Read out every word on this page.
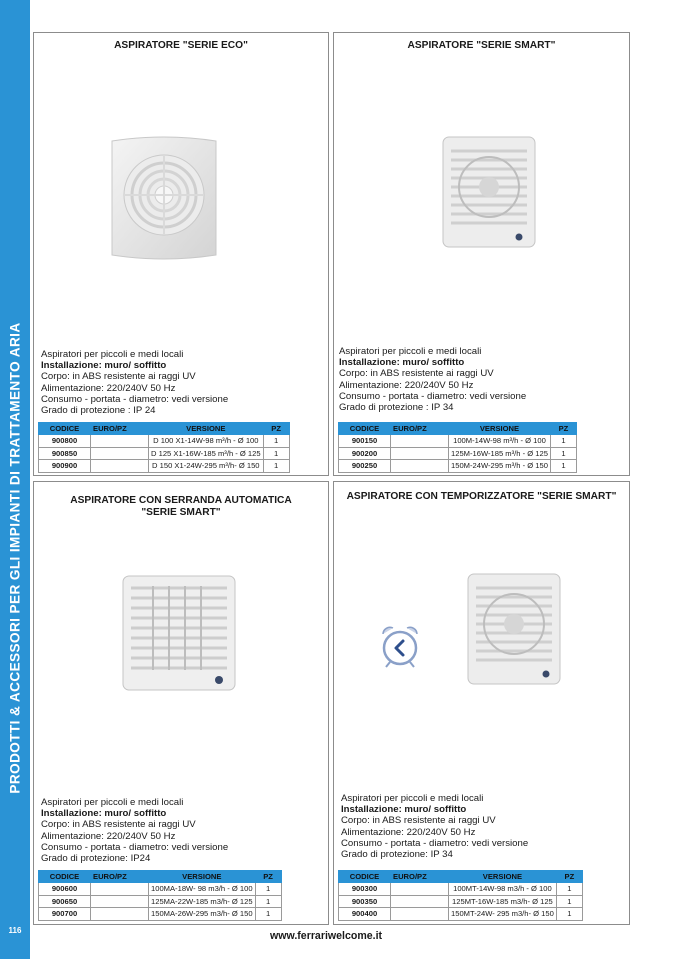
PRODOTTI & ACCESSORI PER GLI IMPIANTI DI TRATTAMENTO ARIA
116
ASPIRATORE "SERIE ECO"
Aspiratori per piccoli e medi locali
Installazione: muro/ soffitto
Corpo: in ABS resistente ai raggi UV
Alimentazione: 220/240V 50 Hz
Consumo - portata - diametro: vedi versione
Grado di protezione : IP 24
CODICE	EURO/PZ	VERSIONE	PZ
900800		D 100 X1-14W-98 m³/h - Ø 100	1
900850		D 125 X1-16W-185 m³/h - Ø 125	1
900900		D 150 X1-24W-295 m³/h- Ø 150	1
ASPIRATORE "SERIE SMART"
Aspiratori per piccoli e medi locali
Installazione: muro/ soffitto
Corpo: in ABS resistente ai raggi UV
Alimentazione: 220/240V 50 Hz
Consumo - portata - diametro: vedi versione
Grado di protezione : IP 34
CODICE	EURO/PZ	VERSIONE	PZ
900150		100M-14W-98 m³/h - Ø 100	1
900200		125M-16W-185 m³/h - Ø 125	1
900250		150M-24W-295 m³/h - Ø 150	1
ASPIRATORE CON SERRANDA AUTOMATICA
"SERIE SMART"
Aspiratori per piccoli e medi locali
Installazione: muro/ soffitto
Corpo: in ABS resistente ai raggi UV
Alimentazione: 220/240V 50 Hz
Consumo - portata - diametro: vedi versione
Grado di protezione: IP24
CODICE	EURO/PZ	VERSIONE	PZ
900600		100MA-18W- 98 m3/h - Ø 100	1
900650		125MA-22W-185 m3/h- Ø 125	1
900700		150MA-26W-295 m3/h- Ø 150	1
ASPIRATORE CON TEMPORIZZATORE "SERIE SMART"
Aspiratori per piccoli e medi locali
Installazione: muro/ soffitto
Corpo: in ABS resistente ai raggi UV
Alimentazione: 220/240V 50 Hz
Consumo - portata - diametro: vedi versione
Grado di protezione: IP 34
CODICE	EURO/PZ	VERSIONE	PZ
900300		100MT-14W-98 m3/h - Ø 100	1
900350		125MT-16W-185 m3/h- Ø 125	1
900400		150MT-24W- 295 m3/h- Ø 150	1
www.ferrariwelcome.it
